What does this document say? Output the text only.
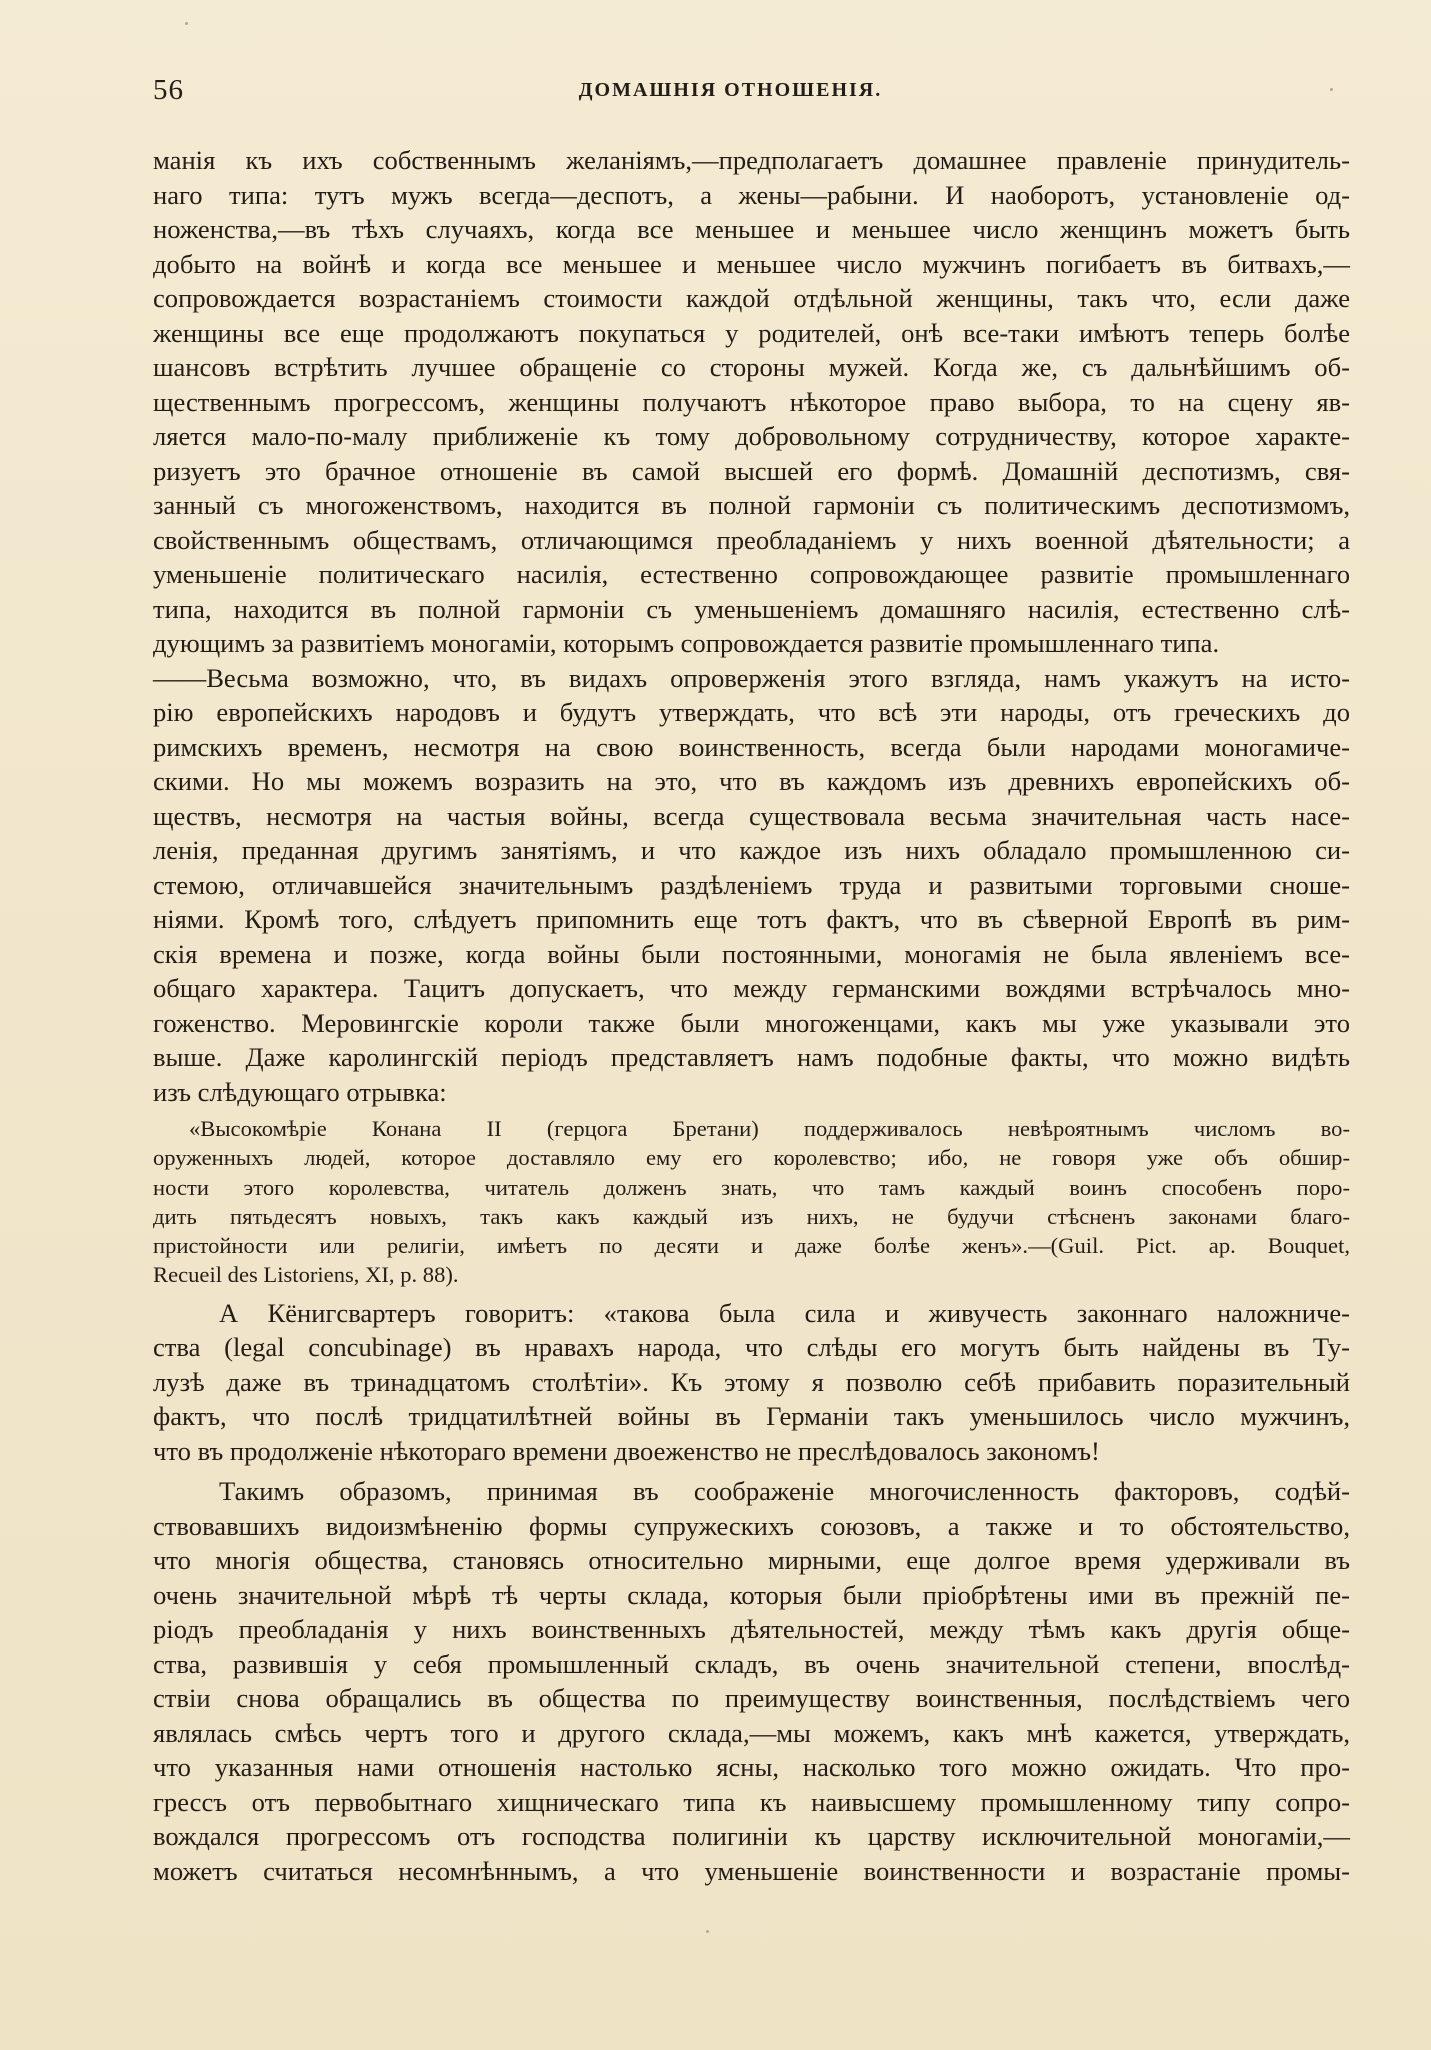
56	ДОМАШНІЯ ОТНОШЕНІЯ.
манія къ ихъ собственнымъ желаніямъ,—предполагаетъ домашнее правленіе принудитель-
наго типа: тутъ мужъ всегда—деспотъ, а жены—рабыни. И наоборотъ, установленіе од-
ноженства,—въ тѣхъ случаяхъ, когда все меньшее и меньшее число женщинъ можетъ быть
добыто на войнѣ и когда все меньшее и меньшее число мужчинъ погибаетъ въ битвахъ,—
сопровождается возрастаніемъ стоимости каждой отдѣльной женщины, такъ что, если даже
женщины все еще продолжаютъ покупаться у родителей, онѣ все-таки имѣютъ теперь болѣе
шансовъ встрѣтить лучшее обращеніе со стороны мужей. Когда же, съ дальнѣйшимъ об-
щественнымъ прогрессомъ, женщины получаютъ нѣкоторое право выбора, то на сцену яв-
ляется мало-по-малу приближеніе къ тому добровольному сотрудничеству, которое характе-
ризуетъ это брачное отношеніе въ самой высшей его формѣ. Домашній деспотизмъ, свя-
занный съ многоженствомъ, находится въ полной гармоніи съ политическимъ деспотизмомъ,
свойственнымъ обществамъ, отличающимся преобладаніемъ у нихъ военной дѣятельности; а
уменьшеніе политическаго насилія, естественно сопровождающее развитіе промышленнаго
типа, находится въ полной гармоніи съ уменьшеніемъ домашняго насилія, естественно слѣ-
дующимъ за развитіемъ моногаміи, которымъ сопровождается развитіе промышленнаго типа.
——Весьма возможно, что, въ видахъ опроверженія этого взгляда, намъ укажутъ на исто-
рію европейскихъ народовъ и будутъ утверждать, что всѣ эти народы, отъ греческихъ до
римскихъ временъ, несмотря на свою воинственность, всегда были народами моногамиче-
скими. Но мы можемъ возразить на это, что въ каждомъ изъ древнихъ европейскихъ об-
ществъ, несмотря на частыя войны, всегда существовала весьма значительная часть насе-
ленія, преданная другимъ занятіямъ, и что каждое изъ нихъ обладало промышленною си-
стемою, отличавшейся значительнымъ раздѣленіемъ труда и развитыми торговыми сноше-
ніями. Кромѣ того, слѣдуетъ припомнить еще тотъ фактъ, что въ сѣверной Европѣ въ рим-
скія времена и позже, когда войны были постоянными, моногамія не была явленіемъ все-
общаго характера. Тацитъ допускаетъ, что между германскими вождями встрѣчалось мно-
гоженство. Меровингскіе короли также были многоженцами, какъ мы уже указывали это
выше. Даже каролингскій періодъ представляетъ намъ подобные факты, что можно видѣть
изъ слѣдующаго отрывка:
«Высокомѣріе Конана II (герцога Бретани) поддерживалось невѣроятнымъ числомъ во-
оруженныхъ людей, которое доставляло ему его королевство; ибо, не говоря уже объ обшир-
ности этого королевства, читатель долженъ знать, что тамъ каждый воинъ способенъ поро-
дить пятьдесятъ новыхъ, такъ какъ каждый изъ нихъ, не будучи стѣсненъ законами благо-
пристойности или религіи, имѣетъ по десяти и даже болѣе женъ».—(Guil. Pict. ap. Bouquet,
Recueil des Listoriens, XI, p. 88).
А Кёнигсвартеръ говоритъ: «такова была сила и живучесть законнаго наложниче-
ства (legal concubinage) въ нравахъ народа, что слѣды его могутъ быть найдены въ Ту-
лузѣ даже въ тринадцатомъ столѣтіи». Къ этому я позволю себѣ прибавить поразительный
фактъ, что послѣ тридцатилѣтней войны въ Германіи такъ уменьшилось число мужчинъ,
что въ продолженіе нѣкотораго времени двоеженство не преслѣдовалось закономъ!
Такимъ образомъ, принимая въ соображеніе многочисленность факторовъ, содѣй-
ствовавшихъ видоизмѣненію формы супружескихъ союзовъ, а также и то обстоятельство,
что многія общества, становясь относительно мирными, еще долгое время удерживали въ
очень значительной мѣрѣ тѣ черты склада, которыя были пріобрѣтены ими въ прежній пе-
ріодъ преобладанія у нихъ воинственныхъ дѣятельностей, между тѣмъ какъ другія обще-
ства, развившія у себя промышленный складъ, въ очень значительной степени, впослѣд-
ствіи снова обращались въ общества по преимуществу воинственныя, послѣдствіемъ чего
являлась смѣсь чертъ того и другого склада,—мы можемъ, какъ мнѣ кажется, утверждать,
что указанныя нами отношенія настолько ясны, насколько того можно ожидать. Что про-
грессъ отъ первобытнаго хищническаго типа къ наивысшему промышленному типу сопро-
вождался прогрессомъ отъ господства полигиніи къ царству исключительной моногаміи,—
можетъ считаться несомнѣннымъ, а что уменьшеніе воинственности и возрастаніе промы-
